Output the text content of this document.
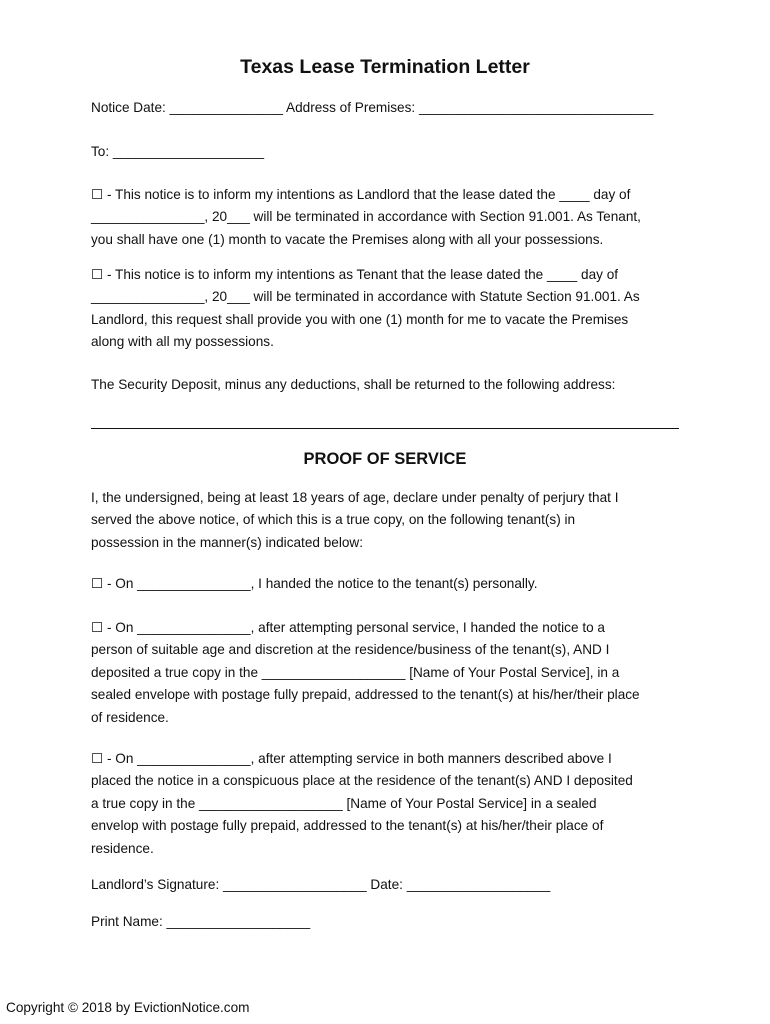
Texas Lease Termination Letter

Notice Date: _______________ Address of Premises: _______________________________

To: ____________________

☐ - This notice is to inform my intentions as Landlord that the lease dated the ____ day of
_______________, 20___ will be terminated in accordance with Section 91.001. As Tenant,
you shall have one (1) month to vacate the Premises along with all your possessions.
☐ - This notice is to inform my intentions as Tenant that the lease dated the ____ day of
_______________, 20___ will be terminated in accordance with Statute Section 91.001. As
Landlord, this request shall provide you with one (1) month for me to vacate the Premises
along with all my possessions.

The Security Deposit, minus any deductions, shall be returned to the following address:

PROOF OF SERVICE
I, the undersigned, being at least 18 years of age, declare under penalty of perjury that I
served the above notice, of which this is a true copy, on the following tenant(s) in
possession in the manner(s) indicated below:

☐ - On _______________, I handed the notice to the tenant(s) personally.

☐ - On _______________, after attempting personal service, I handed the notice to a
person of suitable age and discretion at the residence/business of the tenant(s), AND I
deposited a true copy in the ___________________ [Name of Your Postal Service], in a
sealed envelope with postage fully prepaid, addressed to the tenant(s) at his/her/their place
of residence.
☐ - On _______________, after attempting service in both manners described above I
placed the notice in a conspicuous place at the residence of the tenant(s) AND I deposited
a true copy in the ___________________ [Name of Your Postal Service] in a sealed
envelop with postage fully prepaid, addressed to the tenant(s) at his/her/their place of
residence.

Landlord’s Signature: ___________________ Date: ___________________

Print Name: ___________________

Copyright © 2018 by EvictionNotice.com
